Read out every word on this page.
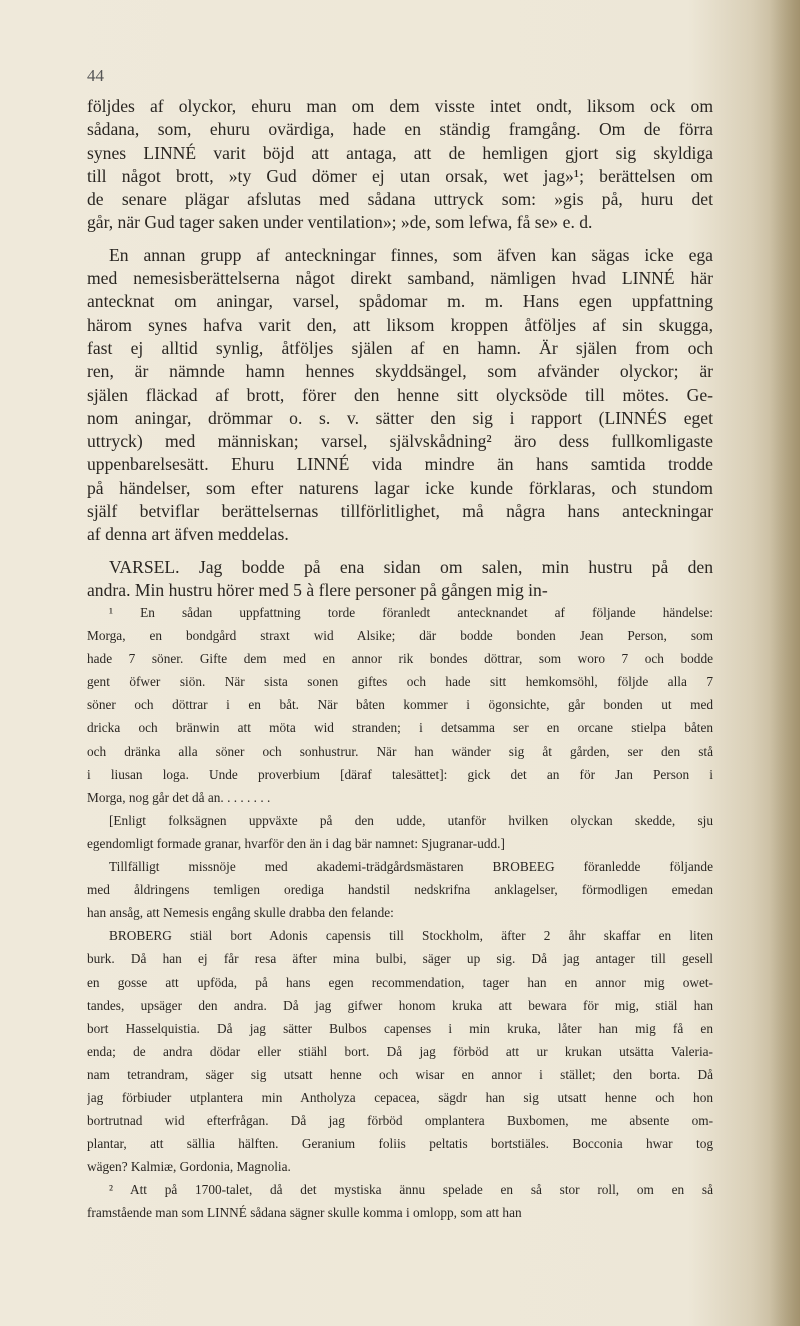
44
följdes af olyckor, ehuru man om dem visste intet ondt, liksom ock om
sådana, som, ehuru ovärdiga, hade en ständig framgång. Om de förra
synes LINNÉ varit böjd att antaga, att de hemligen gjort sig skyldiga
till något brott, »ty Gud dömer ej utan orsak, wet jag»¹; berättelsen om
de senare plägar afslutas med sådana uttryck som: »gis på, huru det
går, när Gud tager saken under ventilation»; »de, som lefwa, få se» e. d.
En annan grupp af anteckningar finnes, som äfven kan sägas icke ega
med nemesisberättelserna något direkt samband, nämligen hvad LINNÉ här
antecknat om aningar, varsel, spådomar m. m. Hans egen uppfattning
härom synes hafva varit den, att liksom kroppen åtföljes af sin skugga,
fast ej alltid synlig, åtföljes själen af en hamn. Är själen from och
ren, är nämnde hamn hennes skyddsängel, som afvänder olyckor; är
själen fläckad af brott, förer den henne sitt olycksöde till mötes. Ge-
nom aningar, drömmar o. s. v. sätter den sig i rapport (LINNÉS eget
uttryck) med människan; varsel, självskådning² äro dess fullkomligaste
uppenbarelsesätt. Ehuru LINNÉ vida mindre än hans samtida trodde
på händelser, som efter naturens lagar icke kunde förklaras, och stundom
själf betviflar berättelsernas tillförlitlighet, må några hans anteckningar
af denna art äfven meddelas.
VARSEL. Jag bodde på ena sidan om salen, min hustru på den
andra. Min hustru hörer med 5 à flere personer på gången mig in-
¹ En sådan uppfattning torde föranledt antecknandet af följande händelse:
Morga, en bondgård straxt wid Alsike; där bodde bonden Jean Person, som
hade 7 söner. Gifte dem med en annor rik bondes döttrar, som woro 7 och bodde
gent öfwer siön. När sista sonen giftes och hade sitt hemkomsöhl, följde alla 7
söner och döttrar i en båt. När båten kommer i ögonsichte, går bonden ut med
dricka och bränwin att möta wid stranden; i detsamma ser en orcane stielpa båten
och dränka alla söner och sonhustrur. När han wänder sig åt gården, ser den stå
i liusan loga. Unde proverbium [däraf talesättet]: gick det an för Jan Person i
Morga, nog går det då an. . . . . . . .
[Enligt folksägnen uppväxte på den udde, utanför hvilken olyckan skedde, sju
egendomligt formade granar, hvarför den än i dag bär namnet: Sjugranar-udd.]
Tillfälligt missnöje med akademi-trädgårdsmästaren BROBEEG föranledde följande
med åldringens temligen orediga handstil nedskrifna anklagelser, förmodligen emedan
han ansåg, att Nemesis engång skulle drabba den felande:
BROBERG stiäl bort Adonis capensis till Stockholm, äfter 2 åhr skaffar en liten
burk. Då han ej får resa äfter mina bulbi, säger up sig. Då jag antager till gesell
en gosse att upföda, på hans egen recommendation, tager han en annor mig owet-
tandes, upsäger den andra. Då jag gifwer honom kruka att bewara för mig, stiäl han
bort Hasselquistia. Då jag sätter Bulbos capenses i min kruka, låter han mig få en
enda; de andra dödar eller stiähl bort. Då jag förböd att ur krukan utsätta Valeria-
nam tetrandram, säger sig utsatt henne och wisar en annor i stället; den borta. Då
jag förbiuder utplantera min Antholyza cepacea, sägdr han sig utsatt henne och hon
bortrutnad wid efterfrågan. Då jag förböd omplantera Buxbomen, me absente om-
plantar, att sällia hälften. Geranium foliis peltatis bortstiäles. Bocconia hwar tog
wägen? Kalmiæ, Gordonia, Magnolia.
² Att på 1700-talet, då det mystiska ännu spelade en så stor roll, om en så
framstående man som LINNÉ sådana sägner skulle komma i omlopp, som att han
